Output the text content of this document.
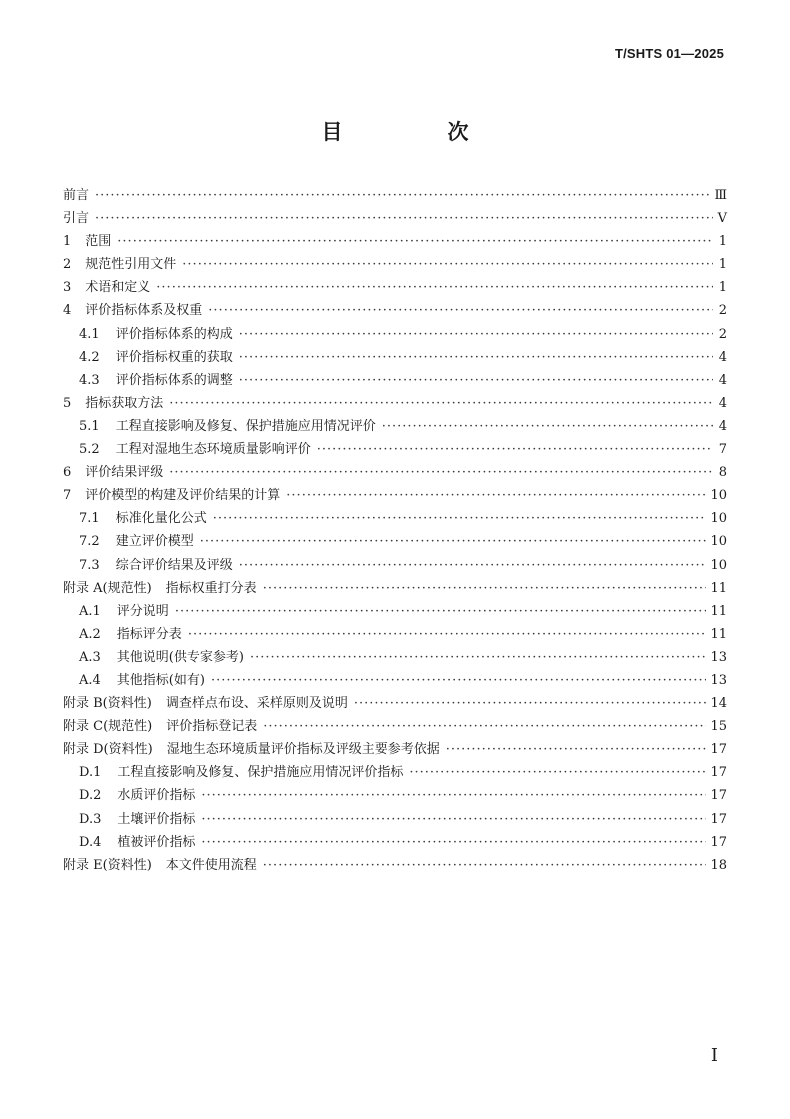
T/SHTS 01—2025

目　次
前言 ·····	Ⅲ
引言 ·····	Ⅴ
1 范围 ·····	1
2 规范性引用文件 ·····	1
3 术语和定义 ·····	1
4 评价指标体系及权重 ·····	2
4.1 评价指标体系的构成 ·····	2
4.2 评价指标权重的获取 ·····	4
4.3 评价指标体系的调整 ·····	4
5 指标获取方法 ·····	4
5.1 工程直接影响及修复、保护措施应用情况评价 ·····	4
5.2 工程对湿地生态环境质量影响评价 ·····	7
6 评价结果评级 ·····	8
7 评价模型的构建及评价结果的计算 ·····	10
7.1 标准化量化公式 ·····	10
7.2 建立评价模型 ·····	10
7.3 综合评价结果及评级 ·····	10
附录 A(规范性) 指标权重打分表 ·····	11
A.1 评分说明 ·····	11
A.2 指标评分表 ·····	11
A.3 其他说明(供专家参考) ·····	13
A.4 其他指标(如有) ·····	13
附录 B(资料性) 调查样点布设、采样原则及说明 ·····	14
附录 C(规范性) 评价指标登记表 ·····	15
附录 D(资料性) 湿地生态环境质量评价指标及评级主要参考依据 ·····	17
D.1 工程直接影响及修复、保护措施应用情况评价指标 ·····	17
D.2 水质评价指标 ·····	17
D.3 土壤评价指标 ·····	17
D.4 植被评价指标 ·····	17
附录 E(资料性) 本文件使用流程 ·····	18

I
